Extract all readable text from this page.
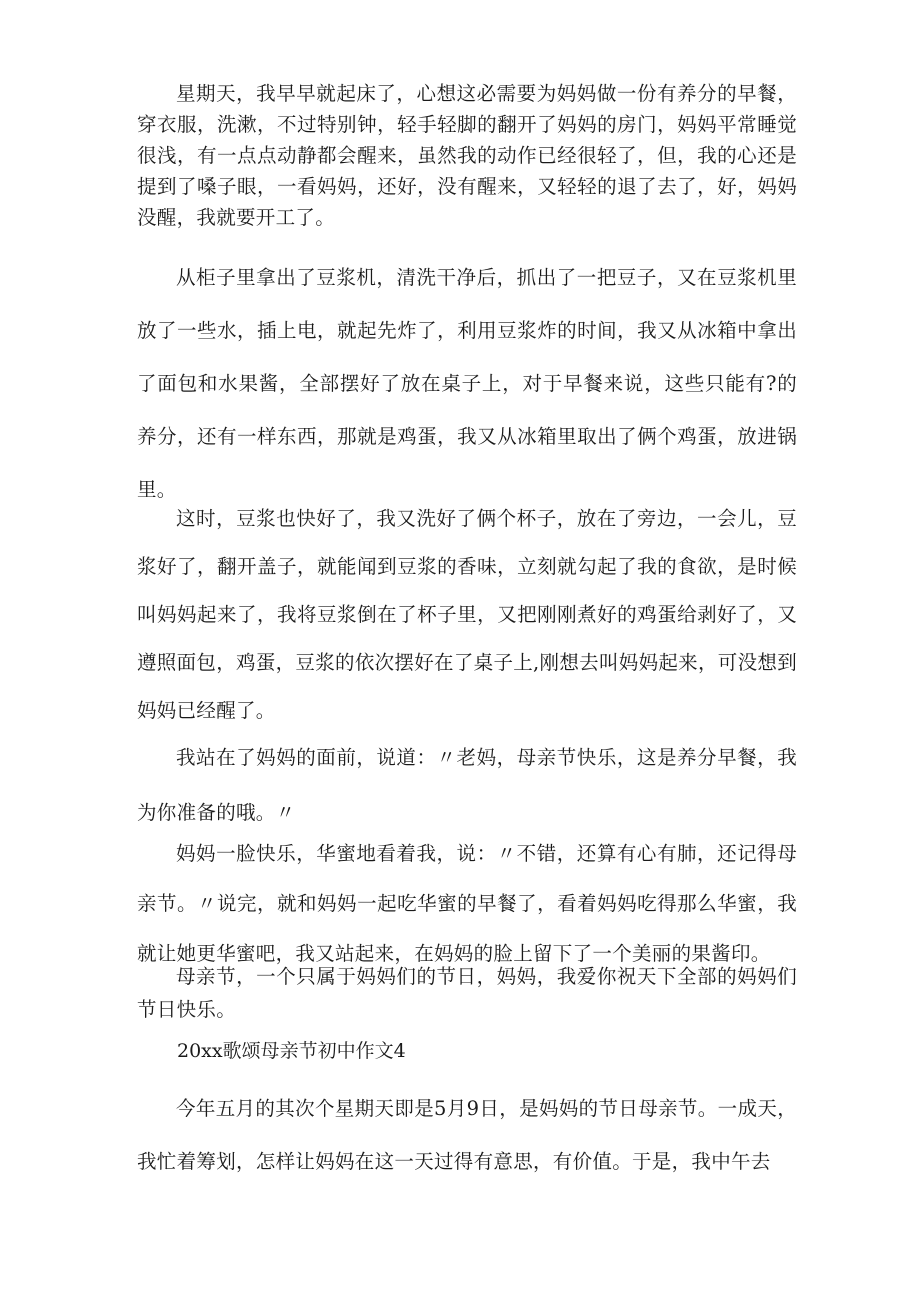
星期天，我早早就起床了，心想这必需要为妈妈做一份有养分的早餐，穿衣服，洗漱，不过特别钟，轻手轻脚的翻开了妈妈的房门，妈妈平常睡觉很浅，有一点点动静都会醒来，虽然我的动作已经很轻了，但，我的心还是提到了嗓子眼，一看妈妈，还好，没有醒来，又轻轻的退了去了，好，妈妈没醒，我就要开工了。

从柜子里拿出了豆浆机，清洗干净后，抓出了一把豆子，又在豆浆机里放了一些水，插上电，就起先炸了，利用豆浆炸的时间，我又从冰箱中拿出了面包和水果酱，全部摆好了放在桌子上，对于早餐来说，这些只能有?的养分，还有一样东西，那就是鸡蛋，我又从冰箱里取出了俩个鸡蛋，放进锅里。

这时，豆浆也快好了，我又洗好了俩个杯子，放在了旁边，一会儿，豆浆好了，翻开盖子，就能闻到豆浆的香味，立刻就勾起了我的食欲，是时候叫妈妈起来了，我将豆浆倒在了杯子里，又把刚刚煮好的鸡蛋给剥好了，又遵照面包，鸡蛋，豆浆的依次摆好在了桌子上,刚想去叫妈妈起来，可没想到妈妈已经醒了。

我站在了妈妈的面前，说道：〃老妈，母亲节快乐，这是养分早餐，我为你准备的哦。〃

妈妈一脸快乐，华蜜地看着我，说：〃不错，还算有心有肺，还记得母亲节。〃说完，就和妈妈一起吃华蜜的早餐了，看着妈妈吃得那么华蜜，我就让她更华蜜吧，我又站起来，在妈妈的脸上留下了一个美丽的果酱印。

母亲节，一个只属于妈妈们的节日，妈妈，我爱你祝天下全部的妈妈们节日快乐。

20xx歌颂母亲节初中作文4

今年五月的其次个星期天即是5月9日，是妈妈的节日母亲节。一成天，我忙着筹划，怎样让妈妈在这一天过得有意思，有价值。于是，我中午去
